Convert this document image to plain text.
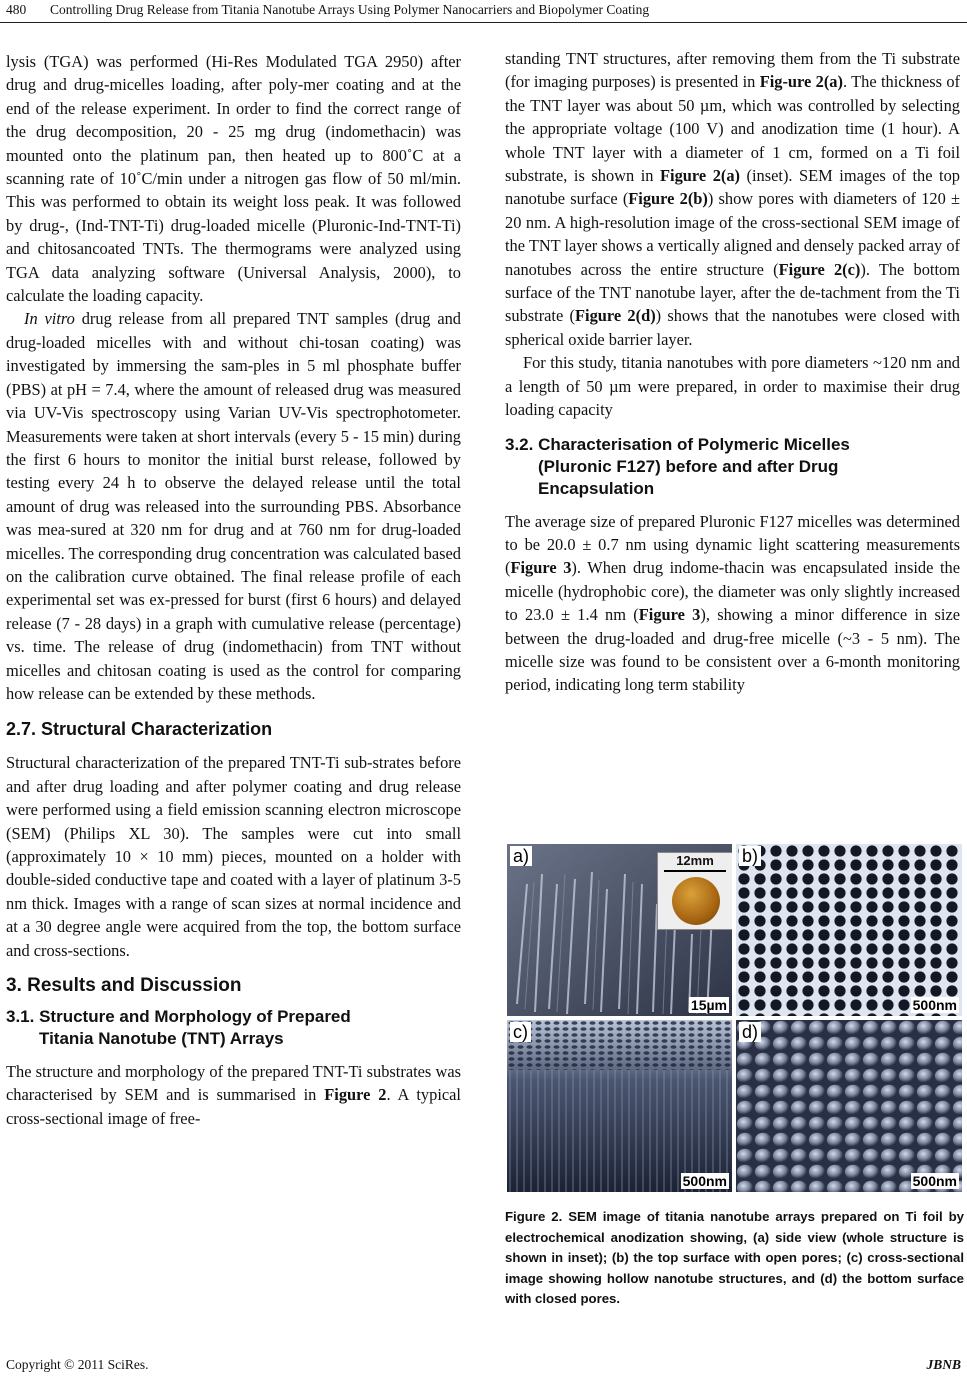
480 Controlling Drug Release from Titania Nanotube Arrays Using Polymer Nanocarriers and Biopolymer Coating

lysis (TGA) was performed (Hi-Res Modulated TGA 2950) after drug and drug-micelles loading, after poly-mer coating and at the end of the release experiment. In order to find the correct range of the drug decomposition, 20 - 25 mg drug (indomethacin) was mounted onto the platinum pan, then heated up to 800˚C at a scanning rate of 10˚C/min under a nitrogen gas flow of 50 ml/min. This was performed to obtain its weight loss peak. It was followed by drug-, (Ind-TNT-Ti) drug-loaded micelle (Pluronic-Ind-TNT-Ti) and chitosancoated TNTs. The thermograms were analyzed using TGA data analyzing software (Universal Analysis, 2000), to calculate the loading capacity.

In vitro drug release from all prepared TNT samples (drug and drug-loaded micelles with and without chi-tosan coating) was investigated by immersing the sam-ples in 5 ml phosphate buffer (PBS) at pH = 7.4, where the amount of released drug was measured via UV-Vis spectroscopy using Varian UV-Vis spectrophotometer. Measurements were taken at short intervals (every 5 - 15 min) during the first 6 hours to monitor the initial burst release, followed by testing every 24 h to observe the delayed release until the total amount of drug was released into the surrounding PBS. Absorbance was mea-sured at 320 nm for drug and at 760 nm for drug-loaded micelles. The corresponding drug concentration was calculated based on the calibration curve obtained. The final release profile of each experimental set was ex-pressed for burst (first 6 hours) and delayed release (7 - 28 days) in a graph with cumulative release (percentage) vs. time. The release of drug (indomethacin) from TNT without micelles and chitosan coating is used as the control for comparing how release can be extended by these methods.

2.7. Structural Characterization

Structural characterization of the prepared TNT-Ti sub-strates before and after drug loading and after polymer coating and drug release were performed using a field emission scanning electron microscope (SEM) (Philips XL 30). The samples were cut into small (approximately 10 × 10 mm) pieces, mounted on a holder with double-sided conductive tape and coated with a layer of platinum 3-5 nm thick. Images with a range of scan sizes at normal incidence and at a 30 degree angle were acquired from the top, the bottom surface and cross-sections.

3. Results and Discussion
3.1. Structure and Morphology of Prepared
Titania Nanotube (TNT) Arrays

The structure and morphology of the prepared TNT-Ti substrates was characterised by SEM and is summarised in Figure 2. A typical cross-sectional image of free-

standing TNT structures, after removing them from the Ti substrate (for imaging purposes) is presented in Fig-ure 2(a). The thickness of the TNT layer was about 50 µm, which was controlled by selecting the appropriate voltage (100 V) and anodization time (1 hour). A whole TNT layer with a diameter of 1 cm, formed on a Ti foil substrate, is shown in Figure 2(a) (inset). SEM images of the top nanotube surface (Figure 2(b)) show pores with diameters of 120 ± 20 nm. A high-resolution image of the cross-sectional SEM image of the TNT layer shows a vertically aligned and densely packed array of nanotubes across the entire structure (Figure 2(c)). The bottom surface of the TNT nanotube layer, after the de-tachment from the Ti substrate (Figure 2(d)) shows that the nanotubes were closed with spherical oxide barrier layer.

For this study, titania nanotubes with pore diameters ~120 nm and a length of 50 µm were prepared, in order to maximise their drug loading capacity

3.2. Characterisation of Polymeric Micelles
(Pluronic F127) before and after Drug
Encapsulation

The average size of prepared Pluronic F127 micelles was determined to be 20.0 ± 0.7 nm using dynamic light scattering measurements (Figure 3). When drug indome-thacin was encapsulated inside the micelle (hydrophobic core), the diameter was only slightly increased to 23.0 ± 1.4 nm (Figure 3), showing a minor difference in size between the drug-loaded and drug-free micelle (~3 - 5 nm). The micelle size was found to be consistent over a 6-month monitoring period, indicating long term stability

a)	12mm
15µm
b)
500nm
c)
500nm
d)
500nm
Figure 2. SEM image of titania nanotube arrays prepared on Ti foil by electrochemical anodization showing, (a) side view (whole structure is shown in inset); (b) the top surface with open pores; (c) cross-sectional image showing hollow nanotube structures, and (d) the bottom surface with closed pores.
Copyright © 2011 SciRes.	JBNB
